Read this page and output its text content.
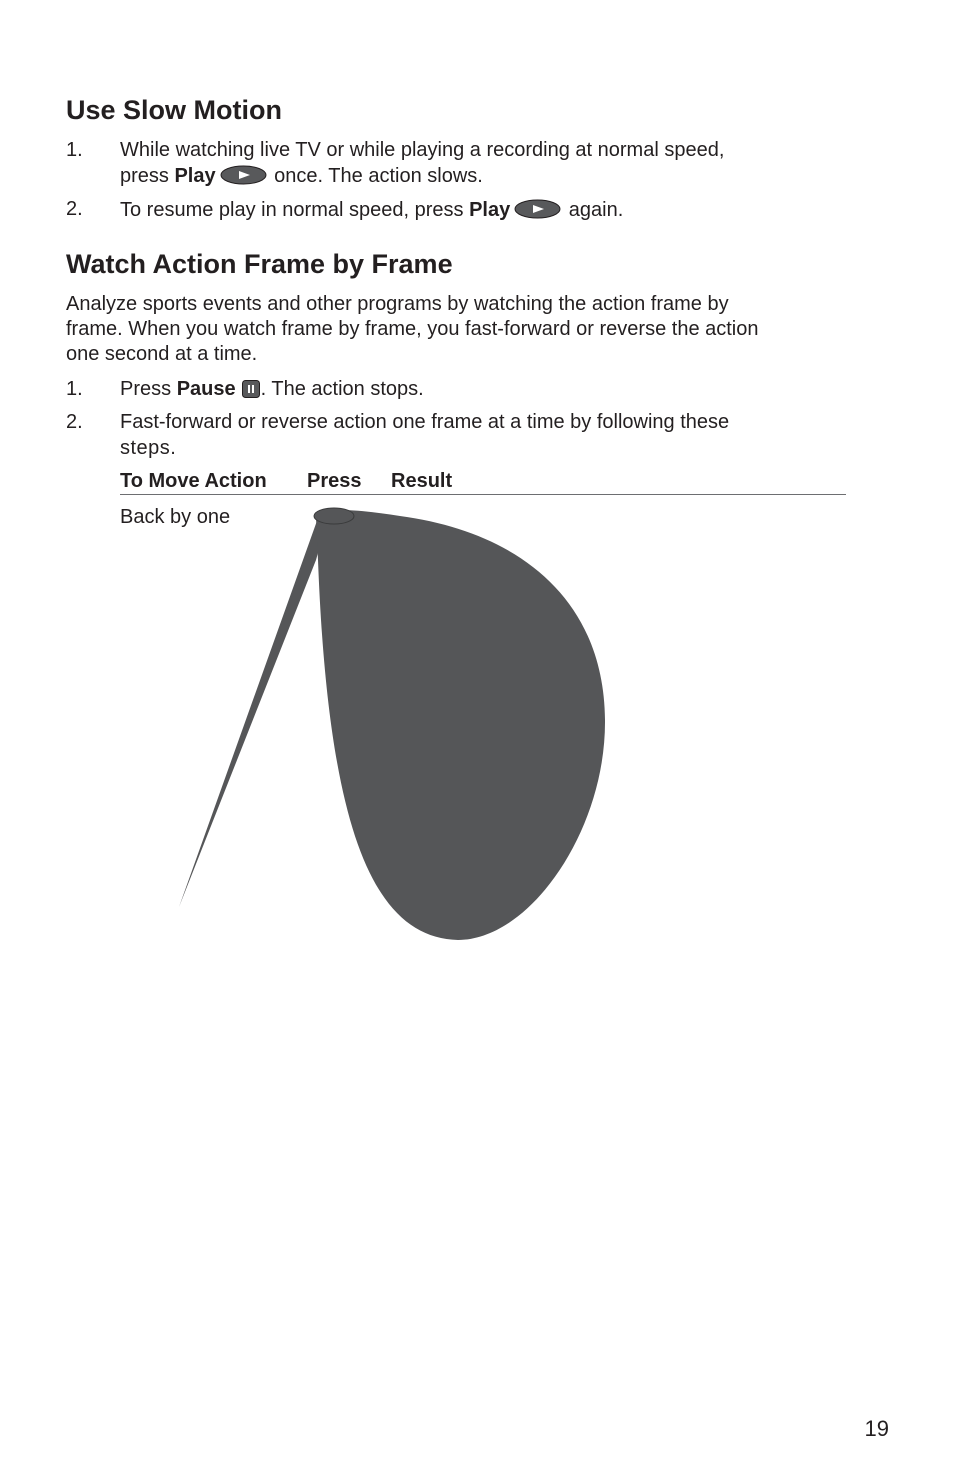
Use Slow Motion
1. While watching live TV or while playing a recording at normal speed,
press Play	once. The action slows.
2. To resume play in normal speed, press Play	again.
Watch Action Frame by Frame
Analyze sports events and other programs by watching the action frame by
frame. When you watch frame by frame, you fast-forward or reverse the action
one second at a time.
1. Press Pause . The action stops.
2. Fast-forward or reverse action one frame at a time by following these
steps.
To Move Action Press Result
Back by one
19
